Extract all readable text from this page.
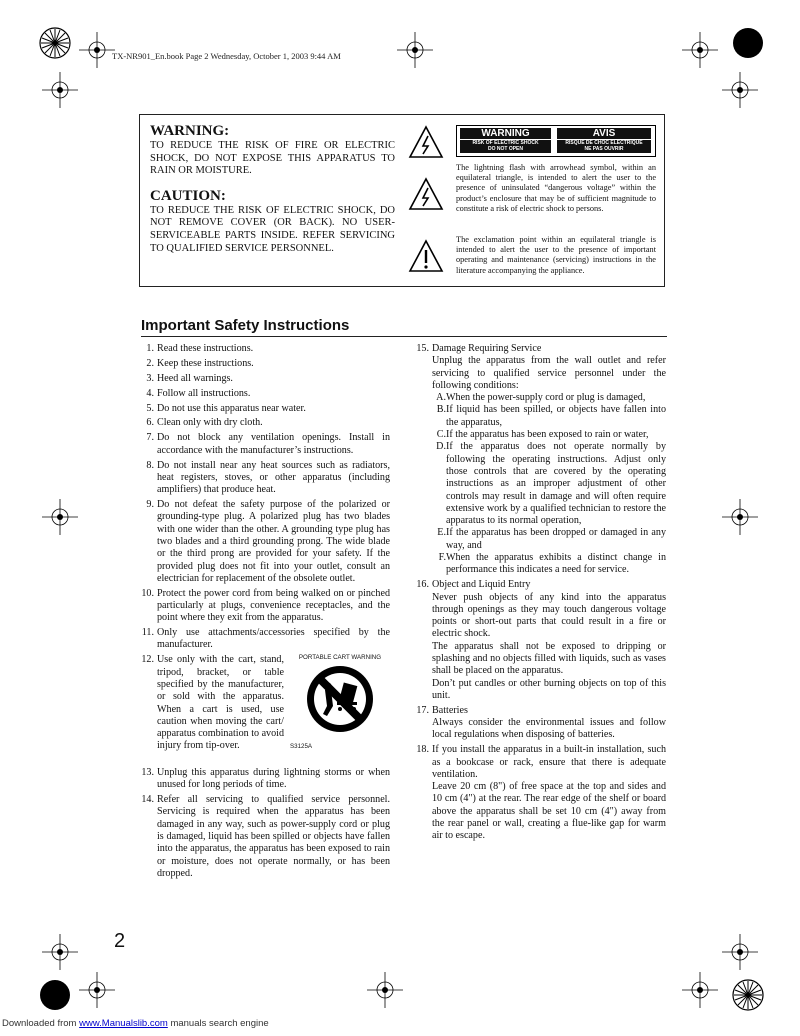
TX-NR901_En.book Page 2 Wednesday, October 1, 2003 9:44 AM
WARNING:
TO REDUCE THE RISK OF FIRE OR ELECTRIC SHOCK, DO NOT EXPOSE THIS APPARATUS TO RAIN OR MOISTURE.
CAUTION:
TO REDUCE THE RISK OF ELECTRIC SHOCK, DO NOT REMOVE COVER (OR BACK). NO USER-SERVICEABLE PARTS INSIDE. REFER SERVICING TO QUALIFIED SERVICE PERSONNEL.
WARNING
RISK OF ELECTRIC SHOCK
DO NOT OPEN
AVIS
RISQUE DE CHOC ELECTRIQUE
NE PAS OUVRIR
The lightning flash with arrowhead symbol, within an equilateral triangle, is intended to alert the user to the presence of uninsulated “dangerous voltage” within the product’s enclosure that may be of sufficient magnitude to constitute a risk of electric shock to persons.
The exclamation point within an equilateral triangle is intended to alert the user to the presence of important operating and maintenance (servicing) instructions in the literature accompanying the appliance.
Important Safety Instructions
1. Read these instructions.
2. Keep these instructions.
3. Heed all warnings.
4. Follow all instructions.
5. Do not use this apparatus near water.
6. Clean only with dry cloth.
7. Do not block any ventilation openings. Install in accordance with the manufacturer’s instructions.
8. Do not install near any heat sources such as radiators, heat registers, stoves, or other apparatus (including amplifiers) that produce heat.
9. Do not defeat the safety purpose of the polarized or grounding-type plug. A polarized plug has two blades with one wider than the other. A grounding type plug has two blades and a third grounding prong. The wide blade or the third prong are provided for your safety. If the provided plug does not fit into your outlet, consult an electrician for replacement of the obsolete outlet.
10. Protect the power cord from being walked on or pinched particularly at plugs, convenience receptacles, and the point where they exit from the apparatus.
11. Only use attachments/accessories specified by the manufacturer.
12.	PORTABLE CART WARNING
S3125A
Use only with the cart, stand, tripod, bracket, or table specified by the manufacturer, or sold with the apparatus. When a cart is used, use caution when moving the cart/ apparatus combination to avoid injury from tip-over.
13. Unplug this apparatus during lightning storms or when unused for long periods of time.
14. Refer all servicing to qualified service personnel. Servicing is required when the apparatus has been damaged in any way, such as power-supply cord or plug is damaged, liquid has been spilled or objects have fallen into the apparatus, the apparatus has been exposed to rain or moisture, does not operate normally, or has been dropped.
15. Damage Requiring Service
Unplug the apparatus from the wall outlet and refer servicing to qualified service personnel under the following conditions:
A. When the power-supply cord or plug is damaged,
B. If liquid has been spilled, or objects have fallen into the apparatus,
C. If the apparatus has been exposed to rain or water,
D. If the apparatus does not operate normally by following the operating instructions. Adjust only those controls that are covered by the operating instructions as an improper adjustment of other controls may result in damage and will often require extensive work by a qualified technician to restore the apparatus to its normal operation,
E. If the apparatus has been dropped or damaged in any way, and
F. When the apparatus exhibits a distinct change in performance this indicates a need for service.
16. Object and Liquid Entry
Never push objects of any kind into the apparatus through openings as they may touch dangerous voltage points or short-out parts that could result in a fire or electric shock.
The apparatus shall not be exposed to dripping or splashing and no objects filled with liquids, such as vases shall be placed on the apparatus.
Don’t put candles or other burning objects on top of this unit.
17. Batteries
Always consider the environmental issues and follow local regulations when disposing of batteries.
18. If you install the apparatus in a built-in installation, such as a bookcase or rack, ensure that there is adequate ventilation.
Leave 20 cm (8") of free space at the top and sides and 10 cm (4") at the rear. The rear edge of the shelf or board above the apparatus shall be set 10 cm (4") away from the rear panel or wall, creating a flue-like gap for warm air to escape.
2
Downloaded from www.Manualslib.com manuals search engine
